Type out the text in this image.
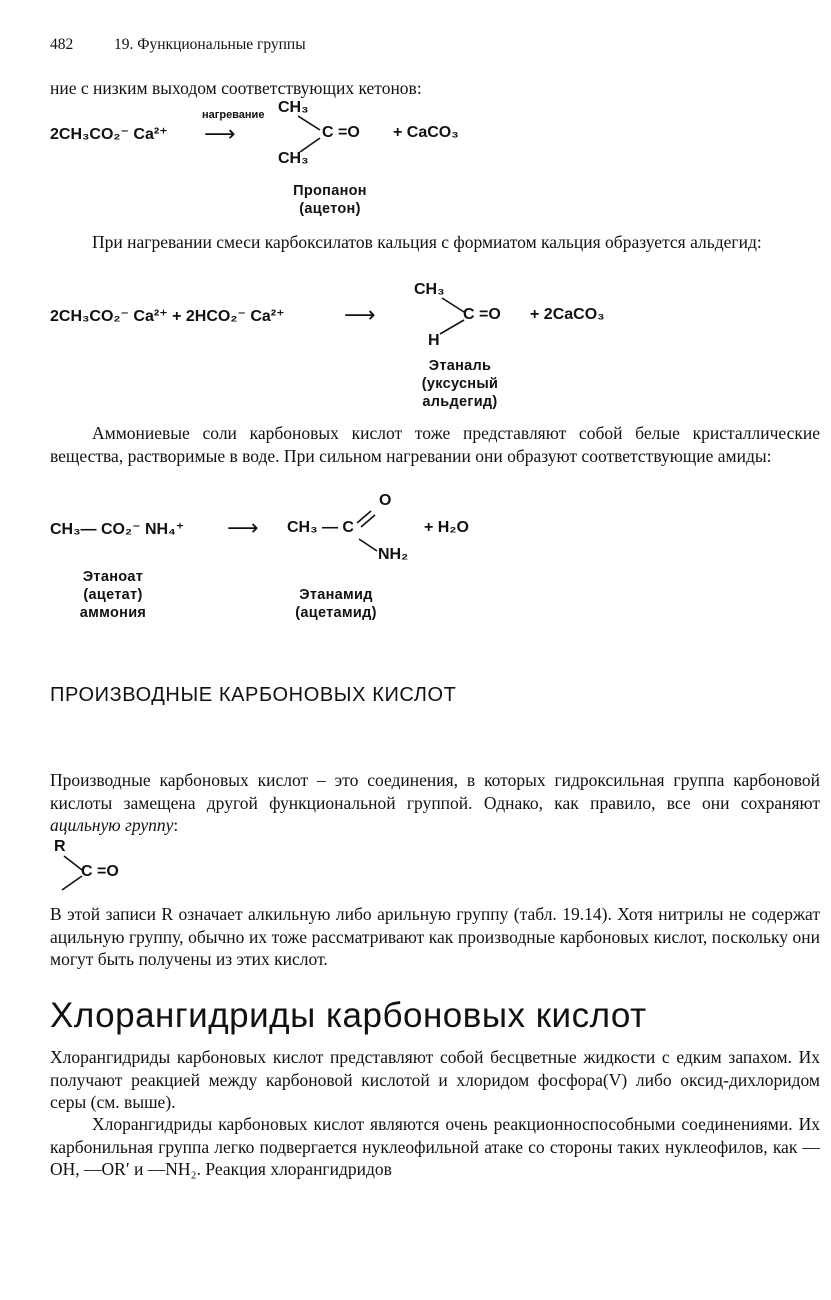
482	19. Функциональные группы
ние с низким выходом соответствующих кетонов:
нагревание
2CH₃CO₂⁻ Ca²⁺ ⟶
CH₃
CH₃
C =O + CaCO₃
Пропанон
(ацетон)
При нагревании смеси карбоксилатов кальция с формиатом кальция образуется альдегид:
2CH₃CO₂⁻ Ca²⁺ + 2HCO₂⁻ Ca²⁺	⟶
CH₃
H
C =O + 2CaCO₃
Этаналь
(уксусный
альдегид)
Аммониевые соли карбоновых кислот тоже представляют собой белые кристаллические вещества, растворимые в воде. При сильном нагревании они образуют соответствующие амиды:
CH₃— CO₂⁻ NH₄⁺ ⟶ CH₃ — C
O
NH₂
+ H₂O
Этаноат
(ацетат)
аммония
Этанамид
(ацетамид)
ПРОИЗВОДНЫЕ КАРБОНОВЫХ КИСЛОТ
Производные карбоновых кислот – это соединения, в которых гидроксильная группа карбоновой кислоты замещена другой функциональной группой. Однако, как правило, все они сохраняют ацильную группу:
R
C =O
В этой записи R означает алкильную либо арильную группу (табл. 19.14). Хотя нитрилы не содержат ацильную группу, обычно их тоже рассматривают как производные карбоновых кислот, поскольку они могут быть получены из этих кислот.
Хлорангидриды карбоновых кислот
Хлорангидриды карбоновых кислот представляют собой бесцветные жидкости с едким запахом. Их получают реакцией между карбоновой кислотой и хлоридом фосфора(V) либо оксид-дихлоридом серы (см. выше).
Хлорангидриды карбоновых кислот являются очень реакционноспособными соединениями. Их карбонильная группа легко подвергается нуклеофильной атаке со стороны таких нуклеофилов, как —OH, —OR′ и —NH₂. Реакция хлорангидридов
